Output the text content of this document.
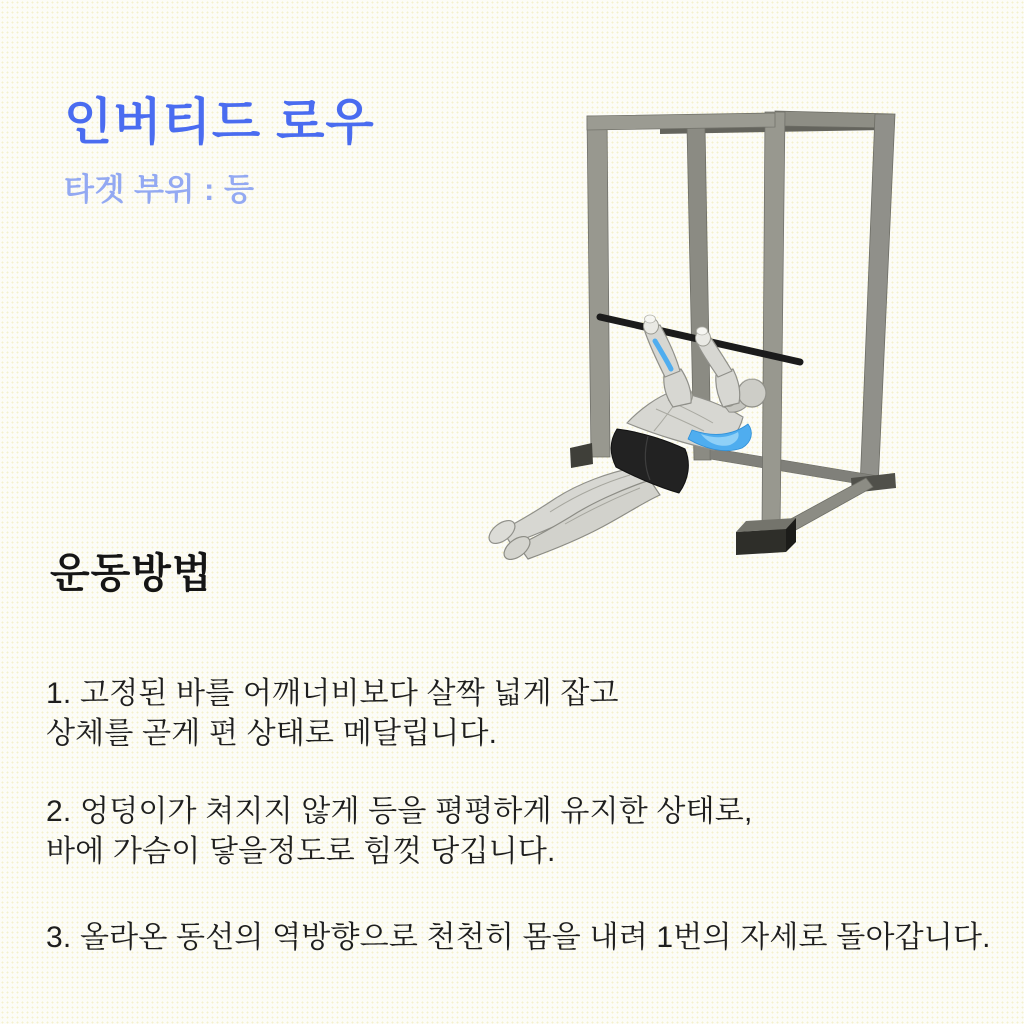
인버티드 로우
타겟 부위 : 등
운동방법

1. 고정된 바를 어깨너비보다 살짝 넓게 잡고
상체를 곧게 편 상태로 메달립니다.

2. 엉덩이가 쳐지지 않게 등을 평평하게 유지한 상태로,
바에 가슴이 닿을정도로 힘껏 당깁니다.

3. 올라온 동선의 역방향으로 천천히 몸을 내려 1번의 자세로 돌아갑니다.
